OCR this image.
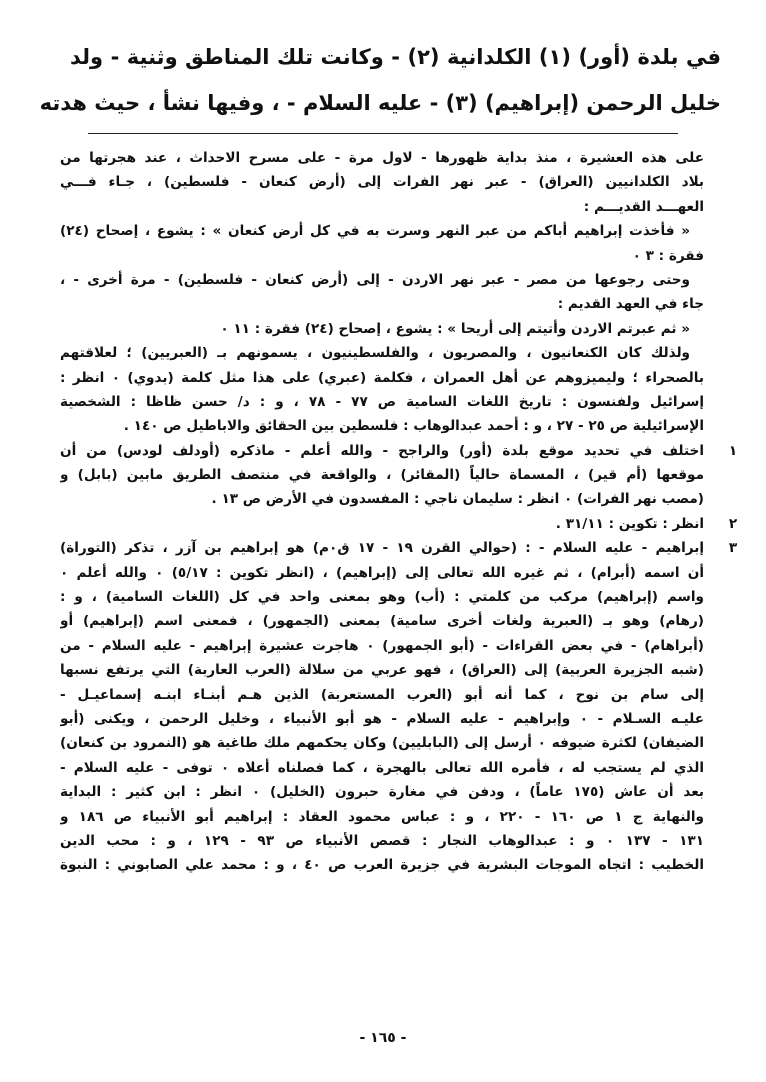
في بلدة (أور) (١) الكلدانية (٢) - وكانت تلك المناطق وثنية - ولد
خليل الرحمن (إبراهيم) (٣) - عليه السلام - ، وفيها نشأ ، حيث هدته
على هذه العشيرة ، منذ بداية ظهورها - لاول مرة - على مسرح الاحداث ، عند هجرتها من
بلاد الكلدانيين (العراق) - عبر نهر الفرات إلى (أرض كنعان - فلسطين) ، جـاء فـــي
العهـــد القديـــم :
« فأخذت إبراهيم أباكم من عبر النهر وسرت به في كل أرض كنعان » : يشوع ، إصحاح (٢٤)
فقرة : ٣ ٠
وحتى رجوعها من مصر - عبر نهر الاردن - إلى (أرض كنعان - فلسطين) - مرة أخرى - ،
جاء في العهد القديم :
« ثم عبرتم الاردن وأتيتم إلى أريحا » : يشوع ، إصحاح (٢٤) فقرة : ١١ ٠
ولذلك كان الكنعانيون ، والمصريون ، والفلسطينيون ، يسمونهم بـ (العبريين) ؛ لعلاقتهم
بالصحراء ؛ وليميزوهم عن أهل العمران ، فكلمة (عبري) على هذا مثل كلمة (بدوي) ٠ انظر :
إسرائيل ولفنسون : تاريخ اللغات السامية ص ٧٧ - ٧٨ ، و : د/ حسن ظاظا : الشخصية
الإسرائيلية ص ٢٥ - ٢٧ ، و : أحمد عبدالوهاب : فلسطين بين الحقائق والاباطيل ص ١٤٠ .
١
اختلف في تحديد موقع بلدة (أور) والراجح - والله أعلم - ماذكره (أودلف لودس) من أن
موقعها (أم قير) ، المسماة حالياً (المقائر) ، والواقعة في منتصف الطريق مابين (بابل) و
(مصب نهر الفرات) ٠ انظر : سليمان ناجي : المفسدون في الأرض ص ١٣ .
٢
انظر : تكوين : ٣١/١١ .
٣
إبراهيم - عليه السلام - : (حوالي القرن ١٩ - ١٧ ق٠م) هو إبراهيم بن آزر ، تذكر (التوراة)
أن اسمه (أبرام) ، ثم غيره الله تعالى إلى (إبراهيم) ، (انظر تكوين : ٥/١٧) ٠ والله أعلم ٠
واسم (إبراهيم) مركب من كلمتي : (أب) وهو بمعنى واحد في كل (اللغات السامية) ، و :
(رهام) وهو بـ (العبرية ولغات أخرى سامية) بمعنى (الجمهور) ، فمعنى اسم (إبراهيم) أو
(أبراهام) - في بعض القراءات - (أبو الجمهور) ٠ هاجرت عشيرة إبراهيم - عليه السلام - من
(شبه الجزيرة العربية) إلى (العراق) ، فهو عربي من سلالة (العرب العاربة) التي يرتفع نسبها
إلى سام بن نوح ، كما أنه أبو (العرب المستعربة) الذين هـم أبنـاء ابنـه إسماعيـل -
عليـه السـلام - ٠ وإبراهيم - عليه السلام - هو أبو الأنبياء ، وخليل الرحمن ، ويكنى (أبو
الضيفان) لكثرة ضيوفه ٠ أرسل إلى (البابليين) وكان يحكمهم ملك طاغية هو (النمرود بن كنعان)
الذي لم يستجب له ، فأمره الله تعالى بالهجرة ، كما فصلناه أعلاه ٠ توفى - عليه السلام -
بعد أن عاش (١٧٥ عاماً) ، ودفن في مغارة حبرون (الخليل) ٠ انظر : ابن كثير : البداية
والنهاية ج ١ ص ١٦٠ - ٢٢٠ ، و : عباس محمود العقاد : إبراهيم أبو الأنبياء ص ١٨٦ و
١٣١ - ١٣٧ ٠ و : عبدالوهاب النجار : قصص الأنبياء ص ٩٣ - ١٢٩ ، و : محب الدين
الخطيب : اتجاه الموجات البشرية في جزيرة العرب ص ٤٠ ، و : محمد علي الصابوني : النبوة
- ١٦٥ -
